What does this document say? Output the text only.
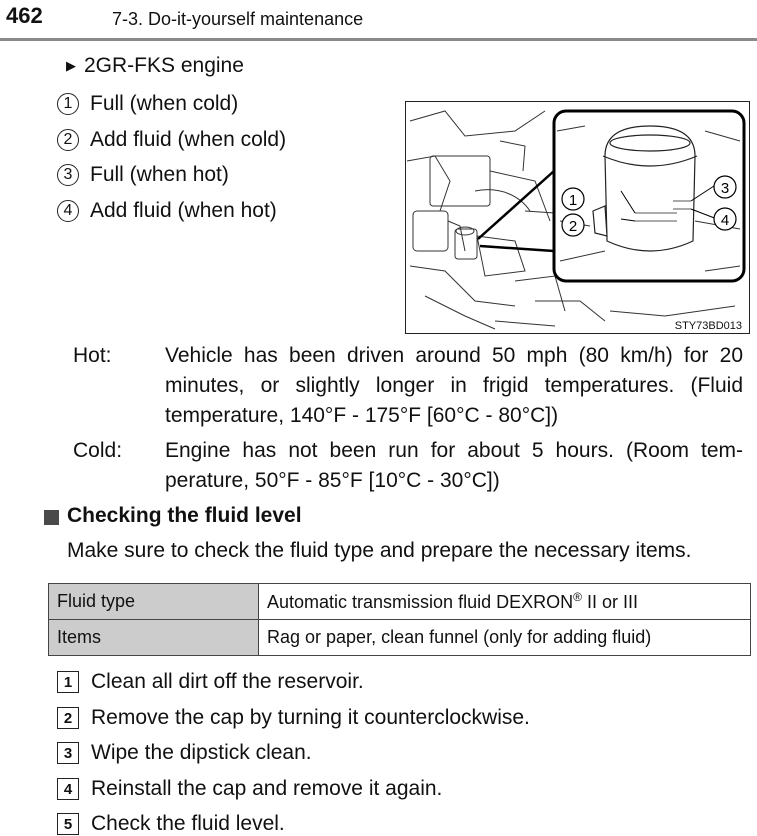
462	7-3. Do-it-yourself maintenance
▶ 2GR-FKS engine
1 Full (when cold)
2 Add fluid (when cold)
3 Full (when hot)
4 Add fluid (when hot)	1
2
3
4
STY73BD013
Hot:	Vehicle has been driven around 50 mph (80 km/h) for 20 minutes, or slightly longer in frigid temperatures. (Fluid temperature, 140°F - 175°F [60°C - 80°C])
Cold: Engine has not been run for about 5 hours. (Room tem-perature, 50°F - 85°F [10°C - 30°C])
Checking the fluid level
Make sure to check the fluid type and prepare the necessary items.
Fluid type	Automatic transmission fluid DEXRON® II or III
Items	Rag or paper, clean funnel (only for adding fluid)
1 Clean all dirt off the reservoir.
2 Remove the cap by turning it counterclockwise.
3 Wipe the dipstick clean.
4 Reinstall the cap and remove it again.
5 Check the fluid level.
